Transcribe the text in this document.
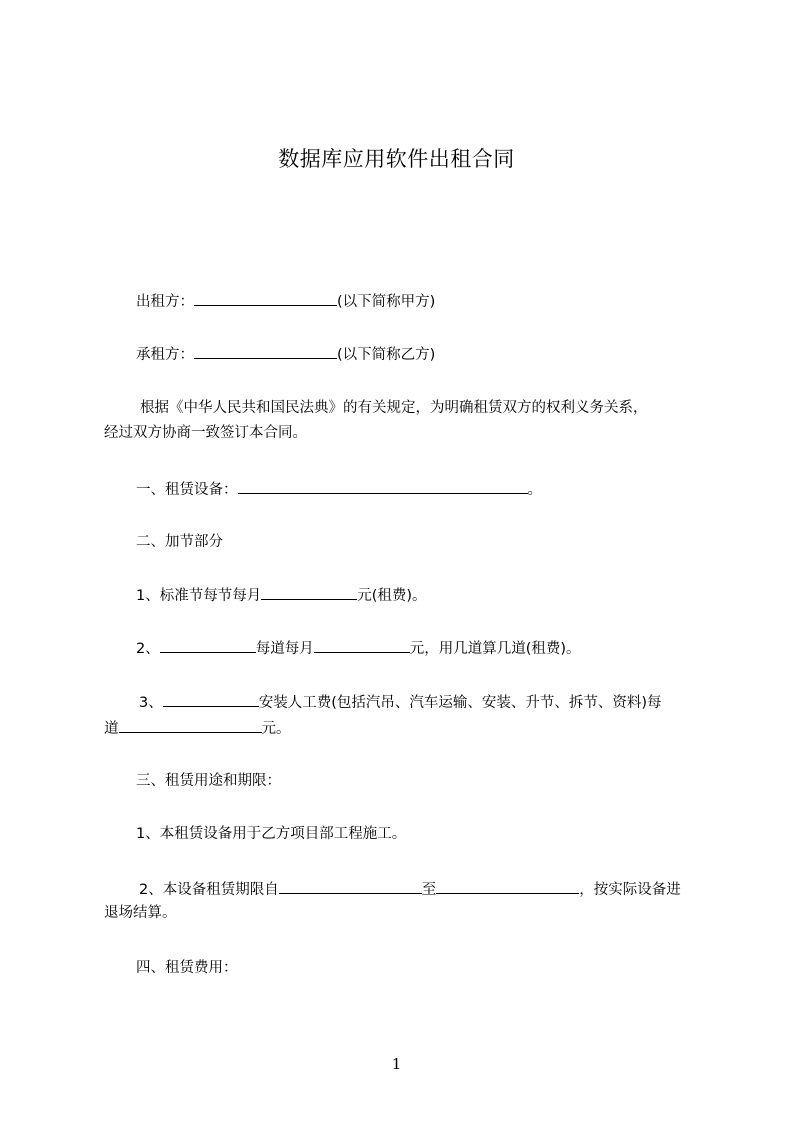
数据库应用软件出租合同
出租方：	(以下简称甲方)
承租方：	(以下简称乙方)
根据《中华人民共和国民法典》的有关规定，为明确租赁双方的权利义务关系，
经过双方协商一致签订本合同。
一、租赁设备：	。
二、加节部分
1、标准节每节每月	元(租费)。
2、	每道每月	元，用几道算几道(租费)。
3、	安装人工费(包括汽吊、汽车运输、安装、升节、拆节、资料)每
道	元。
三、租赁用途和期限：
1、本租赁设备用于乙方项目部工程施工。
2、本设备租赁期限自	至	，按实际设备进
退场结算。
四、租赁费用：
1
